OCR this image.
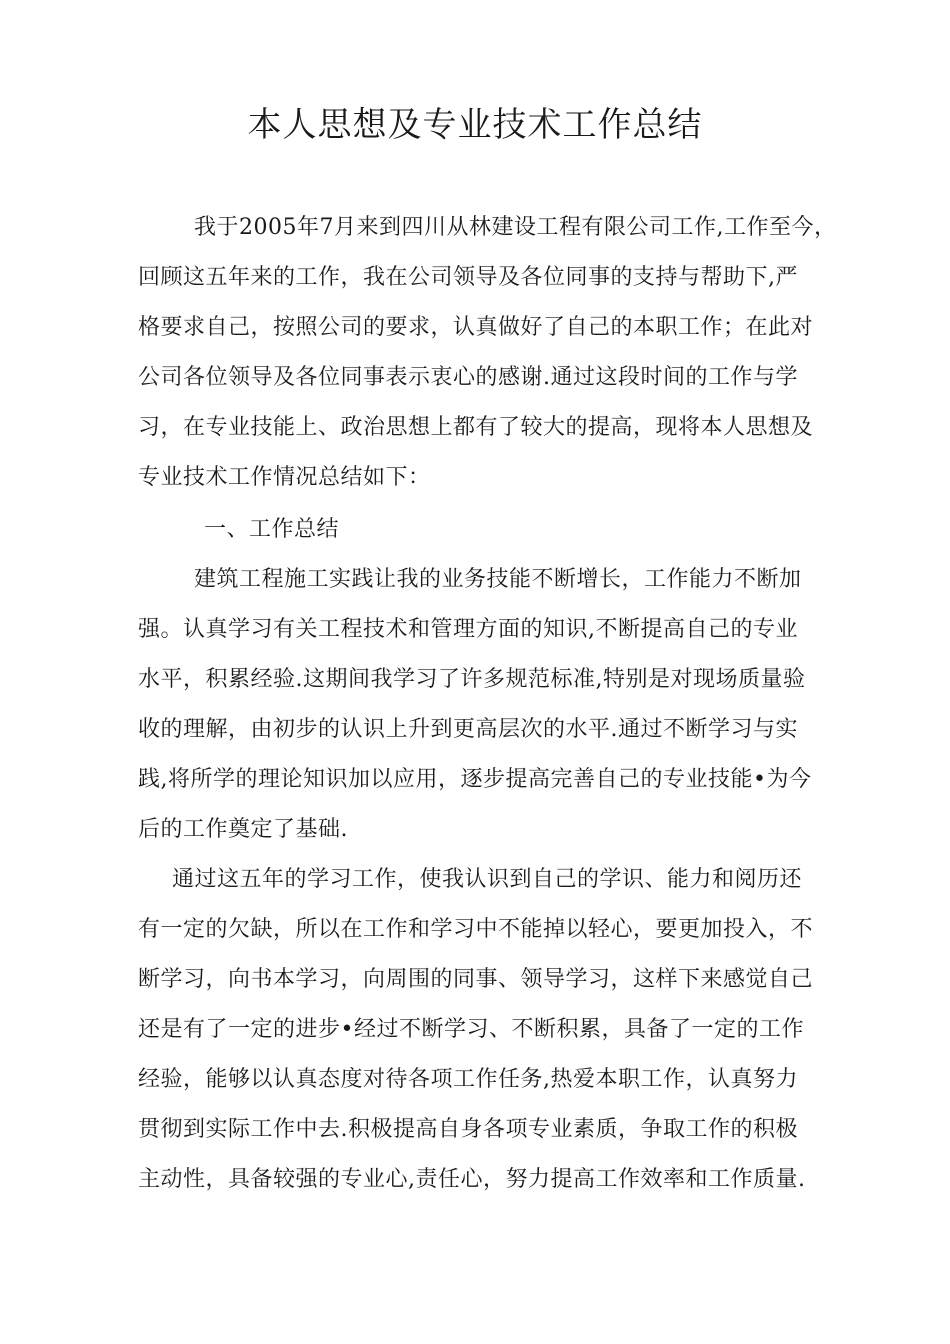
本人思想及专业技术工作总结
我于2005年7月来到四川从林建设工程有限公司工作,工作至今，
回顾这五年来的工作，我在公司领导及各位同事的支持与帮助下,严
格要求自己，按照公司的要求，认真做好了自己的本职工作；在此对
公司各位领导及各位同事表示衷心的感谢.通过这段时间的工作与学
习，在专业技能上、政治思想上都有了较大的提高，现将本人思想及
专业技术工作情况总结如下：
一、工作总结
建筑工程施工实践让我的业务技能不断增长，工作能力不断加
强。认真学习有关工程技术和管理方面的知识,不断提高自己的专业
水平，积累经验.这期间我学习了许多规范标准,特别是对现场质量验
收的理解，由初步的认识上升到更高层次的水平.通过不断学习与实
践,将所学的理论知识加以应用，逐步提高完善自己的专业技能•为今
后的工作奠定了基础.
通过这五年的学习工作，使我认识到自己的学识、能力和阅历还
有一定的欠缺，所以在工作和学习中不能掉以轻心，要更加投入，不
断学习，向书本学习，向周围的同事、领导学习，这样下来感觉自己
还是有了一定的进步•经过不断学习、不断积累，具备了一定的工作
经验，能够以认真态度对待各项工作任务,热爱本职工作，认真努力
贯彻到实际工作中去.积极提高自身各项专业素质，争取工作的积极
主动性，具备较强的专业心,责任心，努力提高工作效率和工作质量.
